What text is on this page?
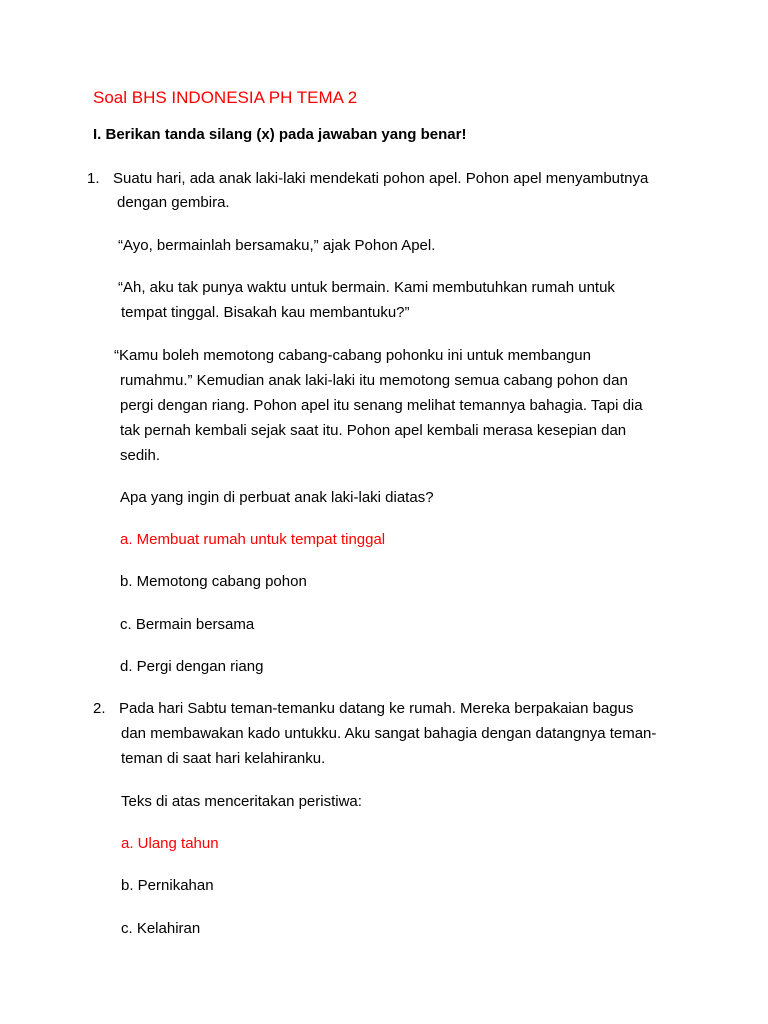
Soal BHS INDONESIA PH TEMA 2
I. Berikan tanda silang (x) pada jawaban yang benar!
1. Suatu hari, ada anak laki-laki mendekati pohon apel. Pohon apel menyambutnya
dengan gembira.
“Ayo, bermainlah bersamaku,” ajak Pohon Apel.
“Ah, aku tak punya waktu untuk bermain. Kami membutuhkan rumah untuk
tempat tinggal. Bisakah kau membantuku?”
“Kamu boleh memotong cabang-cabang pohonku ini untuk membangun
rumahmu.” Kemudian anak laki-laki itu memotong semua cabang pohon dan
pergi dengan riang. Pohon apel itu senang melihat temannya bahagia. Tapi dia
tak pernah kembali sejak saat itu. Pohon apel kembali merasa kesepian dan
sedih.
Apa yang ingin di perbuat anak laki-laki diatas?
a. Membuat rumah untuk tempat tinggal
b. Memotong cabang pohon
c. Bermain bersama
d. Pergi dengan riang
2. Pada hari Sabtu teman-temanku datang ke rumah. Mereka berpakaian bagus
dan membawakan kado untukku. Aku sangat bahagia dengan datangnya teman-
teman di saat hari kelahiranku.
Teks di atas menceritakan peristiwa:
a. Ulang tahun
b. Pernikahan
c. Kelahiran
